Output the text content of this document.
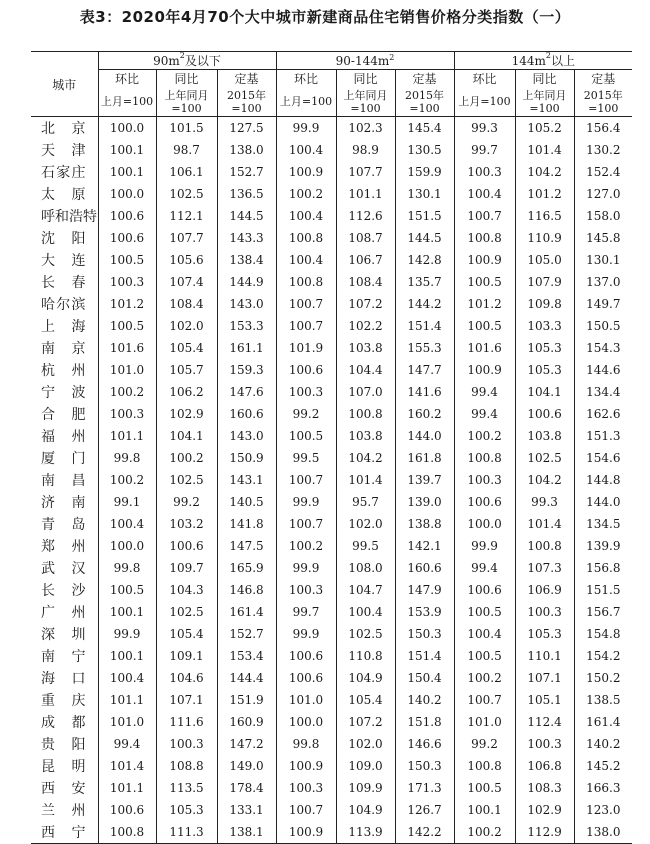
表3：2020年4月70个大中城市新建商品住宅销售价格分类指数（一）
城市	$90m^2$及以下			$90-144m^2$			$144m^2$以上		
	环比	同比	定基	环比	同比	定基	环比	同比	定基
	上月=100	上年同月=100	2015年=100	上月=100	上年同月=100	2015年=100	上月=100	上年同月=100	2015年=100
北京	100.0	101.5	127.5	99.9	102.3	145.4	99.3	105.2	156.4
天津	100.1	98.7	138.0	100.4	98.9	130.5	99.7	101.4	130.2
石家庄	100.1	106.1	152.7	100.9	107.7	159.9	100.3	104.2	152.4
太原	100.0	102.5	136.5	100.2	101.1	130.1	100.4	101.2	127.0
呼和浩特	100.6	112.1	144.5	100.4	112.6	151.5	100.7	116.5	158.0
沈阳	100.6	107.7	143.3	100.8	108.7	144.5	100.8	110.9	145.8
大连	100.5	105.6	138.4	100.4	106.7	142.8	100.9	105.0	130.1
长春	100.3	107.4	144.9	100.8	108.4	135.7	100.5	107.9	137.0
哈尔滨	101.2	108.4	143.0	100.7	107.2	144.2	101.2	109.8	149.7
上海	100.5	102.0	153.3	100.7	102.2	151.4	100.5	103.3	150.5
南京	101.6	105.4	161.1	101.9	103.8	155.3	101.6	105.3	154.3
杭州	101.0	105.7	159.3	100.6	104.4	147.7	100.9	105.3	144.6
宁波	100.2	106.2	147.6	100.3	107.0	141.6	99.4	104.1	134.4
合肥	100.3	102.9	160.6	99.2	100.8	160.2	99.4	100.6	162.6
福州	101.1	104.1	143.0	100.5	103.8	144.0	100.2	103.8	151.3
厦门	99.8	100.2	150.9	99.5	104.2	161.8	100.8	102.5	154.6
南昌	100.2	102.5	143.1	100.7	101.4	139.7	100.3	104.2	144.8
济南	99.1	99.2	140.5	99.9	95.7	139.0	100.6	99.3	144.0
青岛	100.4	103.2	141.8	100.7	102.0	138.8	100.0	101.4	134.5
郑州	100.0	100.6	147.5	100.2	99.5	142.1	99.9	100.8	139.9
武汉	99.8	109.7	165.9	99.9	108.0	160.6	99.4	107.3	156.8
长沙	100.5	104.3	146.8	100.3	104.7	147.9	100.6	106.9	151.5
广州	100.1	102.5	161.4	99.7	100.4	153.9	100.5	100.3	156.7
深圳	99.9	105.4	152.7	99.9	102.5	150.3	100.4	105.3	154.8
南宁	100.1	109.1	153.4	100.6	110.8	151.4	100.5	110.1	154.2
海口	100.4	104.6	144.4	100.6	104.9	150.4	100.2	107.1	150.2
重庆	101.1	107.1	151.9	101.0	105.4	140.2	100.7	105.1	138.5
成都	101.0	111.6	160.9	100.0	107.2	151.8	101.0	112.4	161.4
贵阳	99.4	100.3	147.2	99.8	102.0	146.6	99.2	100.3	140.2
昆明	101.4	108.8	149.0	100.9	109.0	150.3	100.8	106.8	145.2
西安	101.1	113.5	178.4	100.3	109.9	171.3	100.5	108.3	166.3
兰州	100.6	105.3	133.1	100.7	104.9	126.7	100.1	102.9	123.0
西宁	100.8	111.3	138.1	100.9	113.9	142.2	100.2	112.9	138.0
